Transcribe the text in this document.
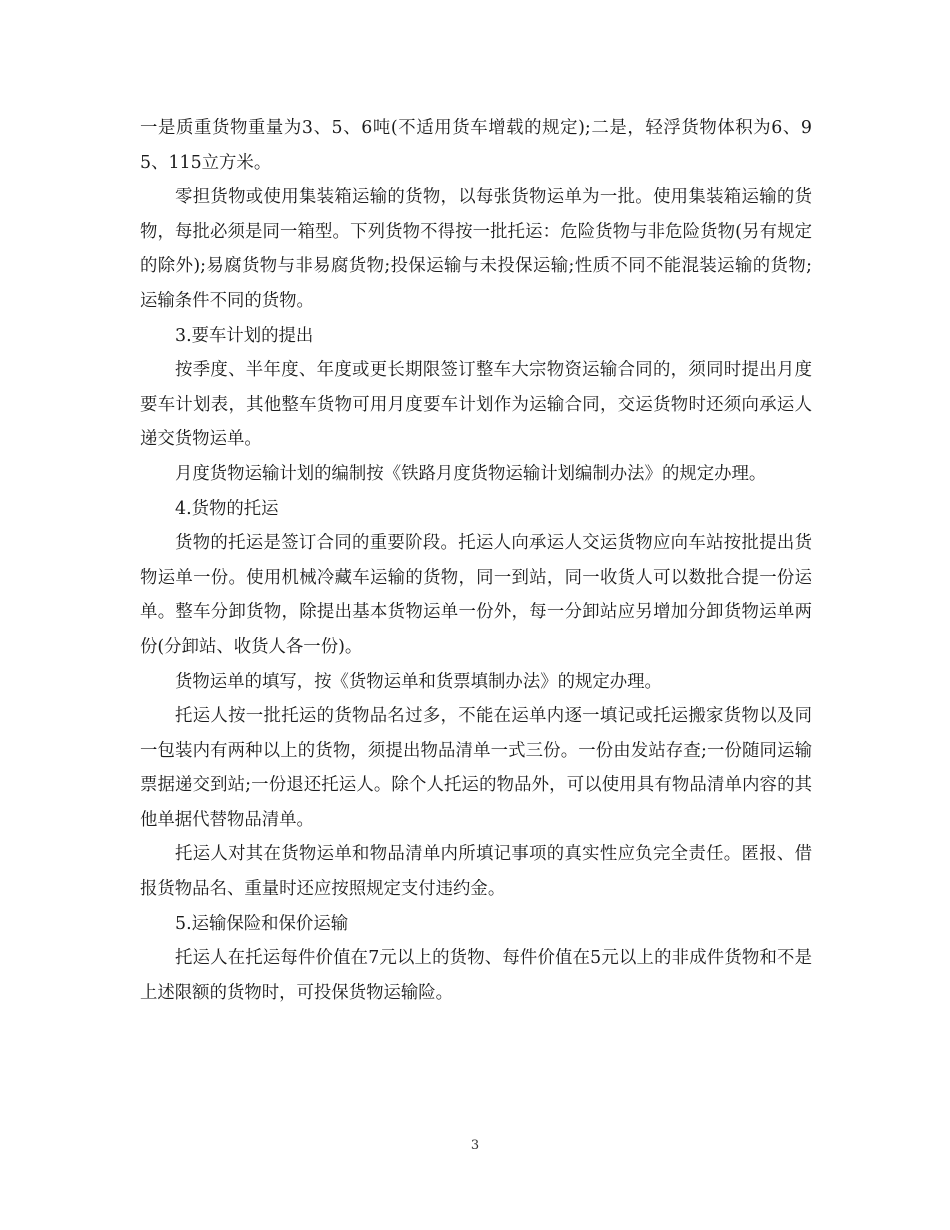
一是质重货物重量为3、5、6吨(不适用货车增载的规定);二是，轻浮货物体积为6、95、115立方米。

零担货物或使用集装箱运输的货物，以每张货物运单为一批。使用集装箱运输的货物，每批必须是同一箱型。下列货物不得按一批托运：危险货物与非危险货物(另有规定的除外);易腐货物与非易腐货物;投保运输与未投保运输;性质不同不能混装运输的货物;运输条件不同的货物。

3.要车计划的提出

按季度、半年度、年度或更长期限签订整车大宗物资运输合同的，须同时提出月度要车计划表，其他整车货物可用月度要车计划作为运输合同，交运货物时还须向承运人递交货物运单。

月度货物运输计划的编制按《铁路月度货物运输计划编制办法》的规定办理。

4.货物的托运

货物的托运是签订合同的重要阶段。托运人向承运人交运货物应向车站按批提出货物运单一份。使用机械冷藏车运输的货物，同一到站，同一收货人可以数批合提一份运单。整车分卸货物，除提出基本货物运单一份外，每一分卸站应另增加分卸货物运单两份(分卸站、收货人各一份)。

货物运单的填写，按《货物运单和货票填制办法》的规定办理。

托运人按一批托运的货物品名过多，不能在运单内逐一填记或托运搬家货物以及同一包装内有两种以上的货物，须提出物品清单一式三份。一份由发站存查;一份随同运输票据递交到站;一份退还托运人。除个人托运的物品外，可以使用具有物品清单内容的其他单据代替物品清单。

托运人对其在货物运单和物品清单内所填记事项的真实性应负完全责任。匿报、借报货物品名、重量时还应按照规定支付违约金。

5.运输保险和保价运输

托运人在托运每件价值在7元以上的货物、每件价值在5元以上的非成件货物和不是上述限额的货物时，可投保货物运输险。

3
